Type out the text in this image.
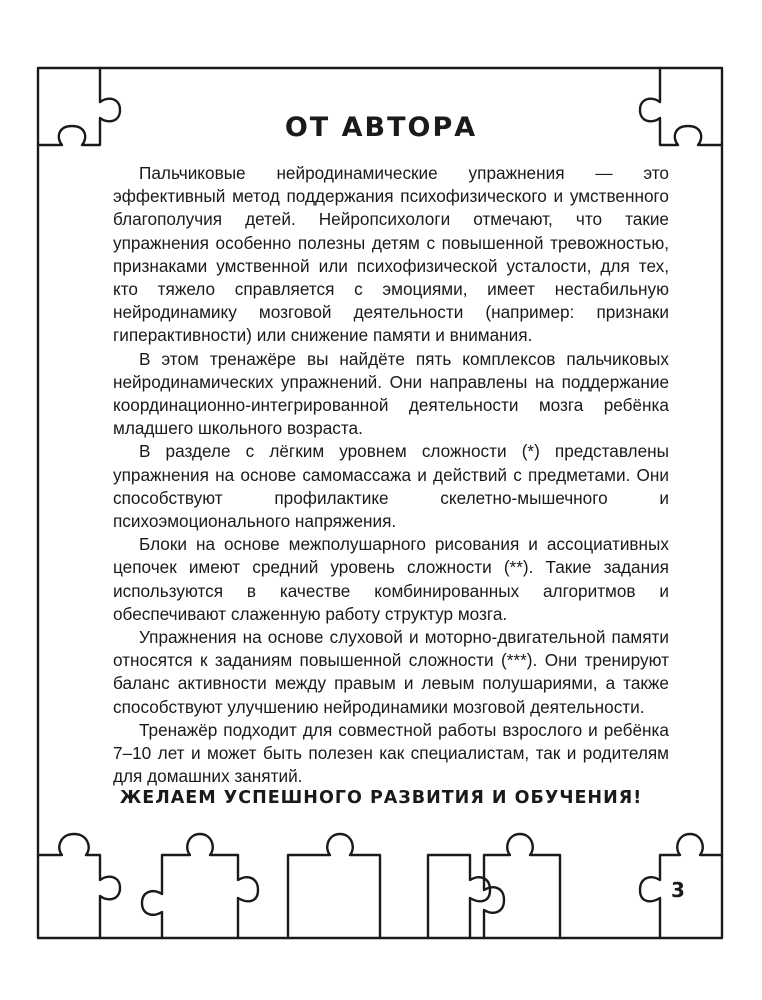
ОТ АВТОРА

Пальчиковые нейродинамические упражнения — это эффективный метод поддержания психофизического и умственного благополучия детей. Нейропсихологи отмечают, что такие упражнения особенно полезны детям с повышенной тревожностью, признаками умственной или психофизической усталости, для тех, кто тяжело справляется с эмоциями, имеет нестабильную нейродинамику мозговой деятельности (например: признаки гиперактивности) или снижение памяти и внимания.

В этом тренажёре вы найдёте пять комплексов пальчиковых нейродинамических упражнений. Они направлены на поддержание координационно-интегрированной деятельности мозга ребёнка младшего школьного возраста.

В разделе с лёгким уровнем сложности (*) представлены упражнения на основе самомассажа и действий с предметами. Они способствуют профилактике скелетно-мышечного и психоэмоционального напряжения.

Блоки на основе межполушарного рисования и ассоциативных цепочек имеют средний уровень сложности (**). Такие задания используются в качестве комбинированных алгоритмов и обеспечивают слаженную работу структур мозга.

Упражнения на основе слуховой и моторно-двигательной памяти относятся к заданиям повышенной сложности (***). Они тренируют баланс активности между правым и левым полушариями, а также способствуют улучшению нейродинамики мозговой деятельности.

Тренажёр подходит для совместной работы взрослого и ребёнка 7–10 лет и может быть полезен как специалистам, так и родителям для домашних занятий.

ЖЕЛАЕМ УСПЕШНОГО РАЗВИТИЯ И ОБУЧЕНИЯ!
3
